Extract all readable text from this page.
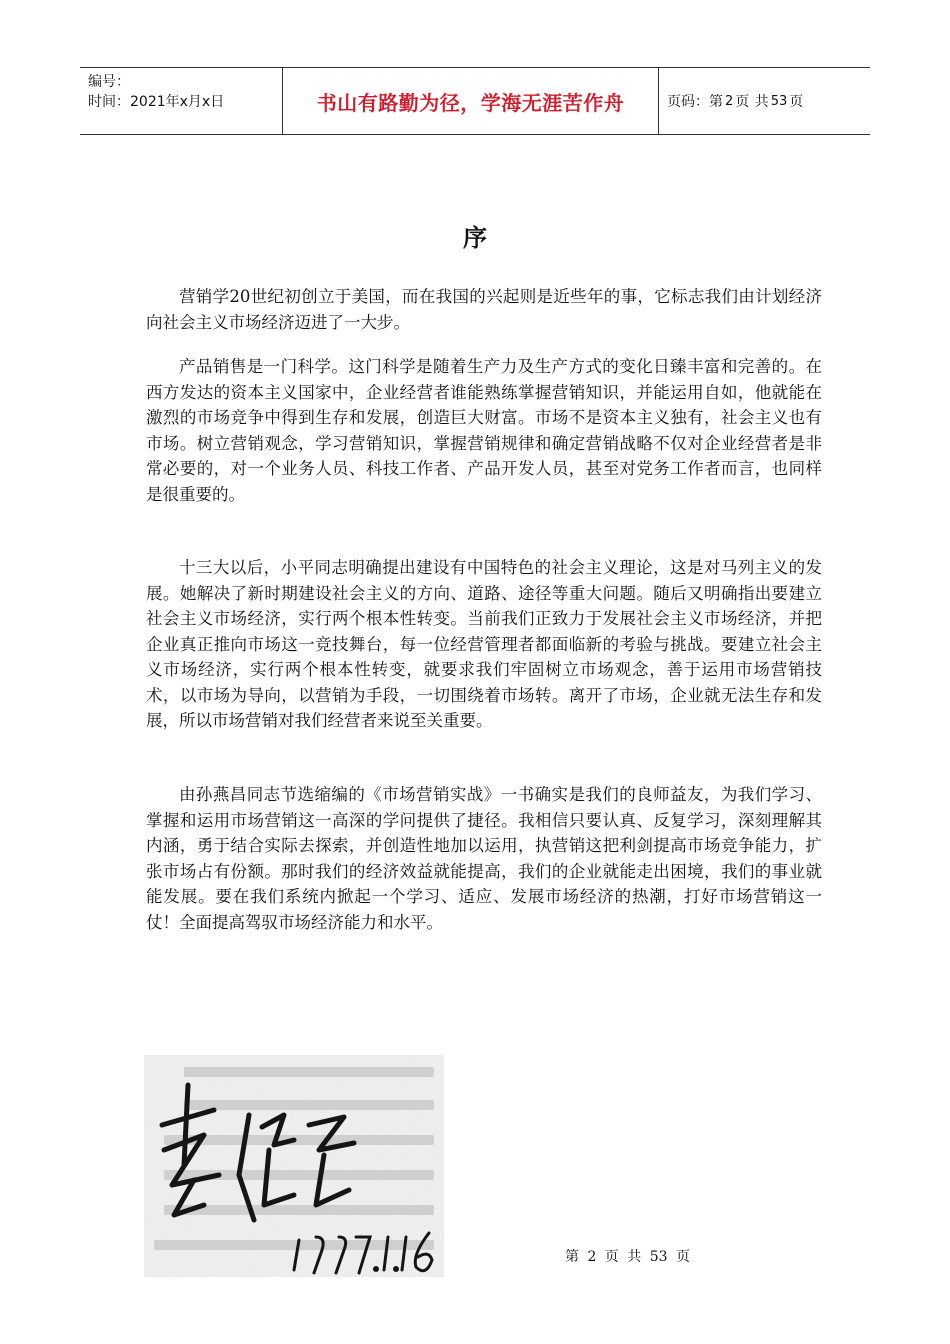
编号：
时间：2021年x月x日	书山有路勤为径，学海无涯苦作舟	页码：第 2 页 共 53 页
序

营销学20世纪初创立于美国，而在我国的兴起则是近些年的事，它标志我们由计划经济向社会主义市场经济迈进了一大步。

产品销售是一门科学。这门科学是随着生产力及生产方式的变化日臻丰富和完善的。在西方发达的资本主义国家中，企业经营者谁能熟练掌握营销知识，并能运用自如，他就能在激烈的市场竞争中得到生存和发展，创造巨大财富。市场不是资本主义独有，社会主义也有市场。树立营销观念，学习营销知识，掌握营销规律和确定营销战略不仅对企业经营者是非常必要的，对一个业务人员、科技工作者、产品开发人员，甚至对党务工作者而言，也同样是很重要的。

十三大以后，小平同志明确提出建设有中国特色的社会主义理论，这是对马列主义的发展。她解决了新时期建设社会主义的方向、道路、途径等重大问题。随后又明确指出要建立社会主义市场经济，实行两个根本性转变。当前我们正致力于发展社会主义市场经济，并把企业真正推向市场这一竞技舞台，每一位经营管理者都面临新的考验与挑战。要建立社会主义市场经济，实行两个根本性转变，就要求我们牢固树立市场观念，善于运用市场营销技术，以市场为导向，以营销为手段，一切围绕着市场转。离开了市场，企业就无法生存和发展，所以市场营销对我们经营者来说至关重要。

由孙燕昌同志节选缩编的《市场营销实战》一书确实是我们的良师益友，为我们学习、掌握和运用市场营销这一高深的学问提供了捷径。我相信只要认真、反复学习，深刻理解其内涵，勇于结合实际去探索，并创造性地加以运用，执营销这把利剑提高市场竞争能力，扩张市场占有份额。那时我们的经济效益就能提高，我们的企业就能走出困境，我们的事业就能发展。要在我们系统内掀起一个学习、适应、发展市场经济的热潮，打好市场营销这一仗！全面提高驾驭市场经济能力和水平。

第 2 页 共 53 页
